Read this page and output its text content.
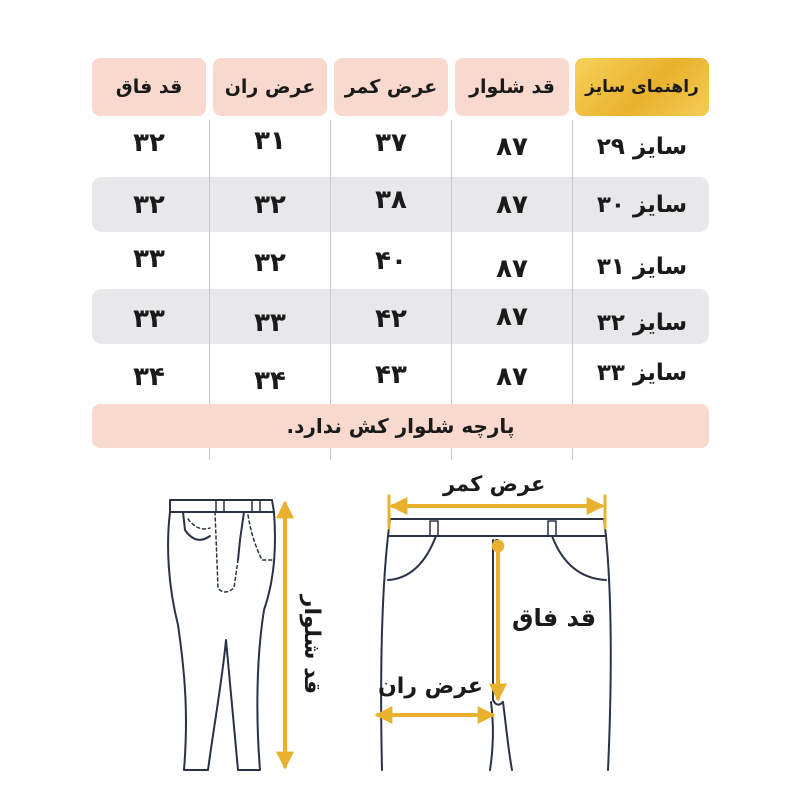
راهنمای سایز
قد شلوار
عرض کمر
عرض ران
قد فاق
سایز ۲۹
۸۷
۳۷
۳۱
۳۲
سایز ۳۰
۸۷
۳۸
۳۲
۳۲
سایز ۳۱
۸۷
۴۰
۳۲
۳۳
سایز ۳۲
۸۷
۴۲
۳۳
۳۳
سایز ۳۳
۸۷
۴۳
۳۴
۳۴
پارچه شلوار کش ندارد.
قد شلوار
عرض کمر
قد فاق
عرض ران
